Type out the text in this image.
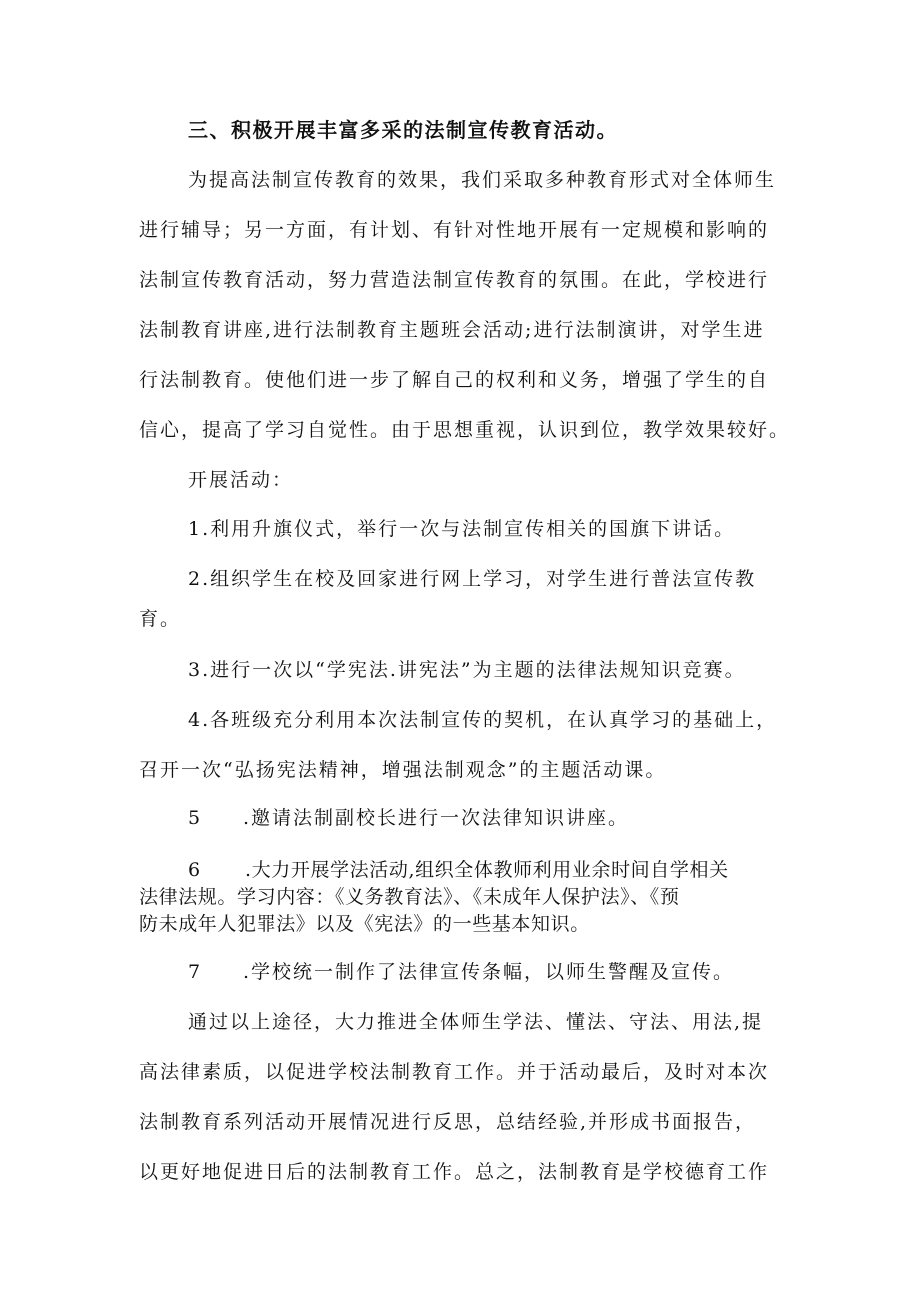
三、积极开展丰富多采的法制宣传教育活动。
为提高法制宣传教育的效果，我们采取多种教育形式对全体师生
进行辅导；另一方面，有计划、有针对性地开展有一定规模和影响的
法制宣传教育活动，努力营造法制宣传教育的氛围。在此，学校进行
法制教育讲座,进行法制教育主题班会活动;进行法制演讲，对学生进
行法制教育。使他们进一步了解自己的权利和义务，增强了学生的自
信心，提高了学习自觉性。由于思想重视，认识到位，教学效果较好。
开展活动：
1.利用升旗仪式，举行一次与法制宣传相关的国旗下讲话。
2.组织学生在校及回家进行网上学习，对学生进行普法宣传教
育。
3.进行一次以“学宪法.讲宪法”为主题的法律法规知识竞赛。
4.各班级充分利用本次法制宣传的契机，在认真学习的基础上，
召开一次“弘扬宪法精神，增强法制观念”的主题活动课。
5 .邀请法制副校长进行一次法律知识讲座。
6 .大力开展学法活动,组织全体教师利用业余时间自学相关
法律法规。学习内容：《义务教育法》、《未成年人保护法》、《预
防未成年人犯罪法》以及《宪法》的一些基本知识。
7 .学校统一制作了法律宣传条幅，以师生警醒及宣传。
通过以上途径，大力推进全体师生学法、懂法、守法、用法,提
高法律素质，以促进学校法制教育工作。并于活动最后，及时对本次
法制教育系列活动开展情况进行反思，总结经验,并形成书面报告，
以更好地促进日后的法制教育工作。总之，法制教育是学校德育工作
